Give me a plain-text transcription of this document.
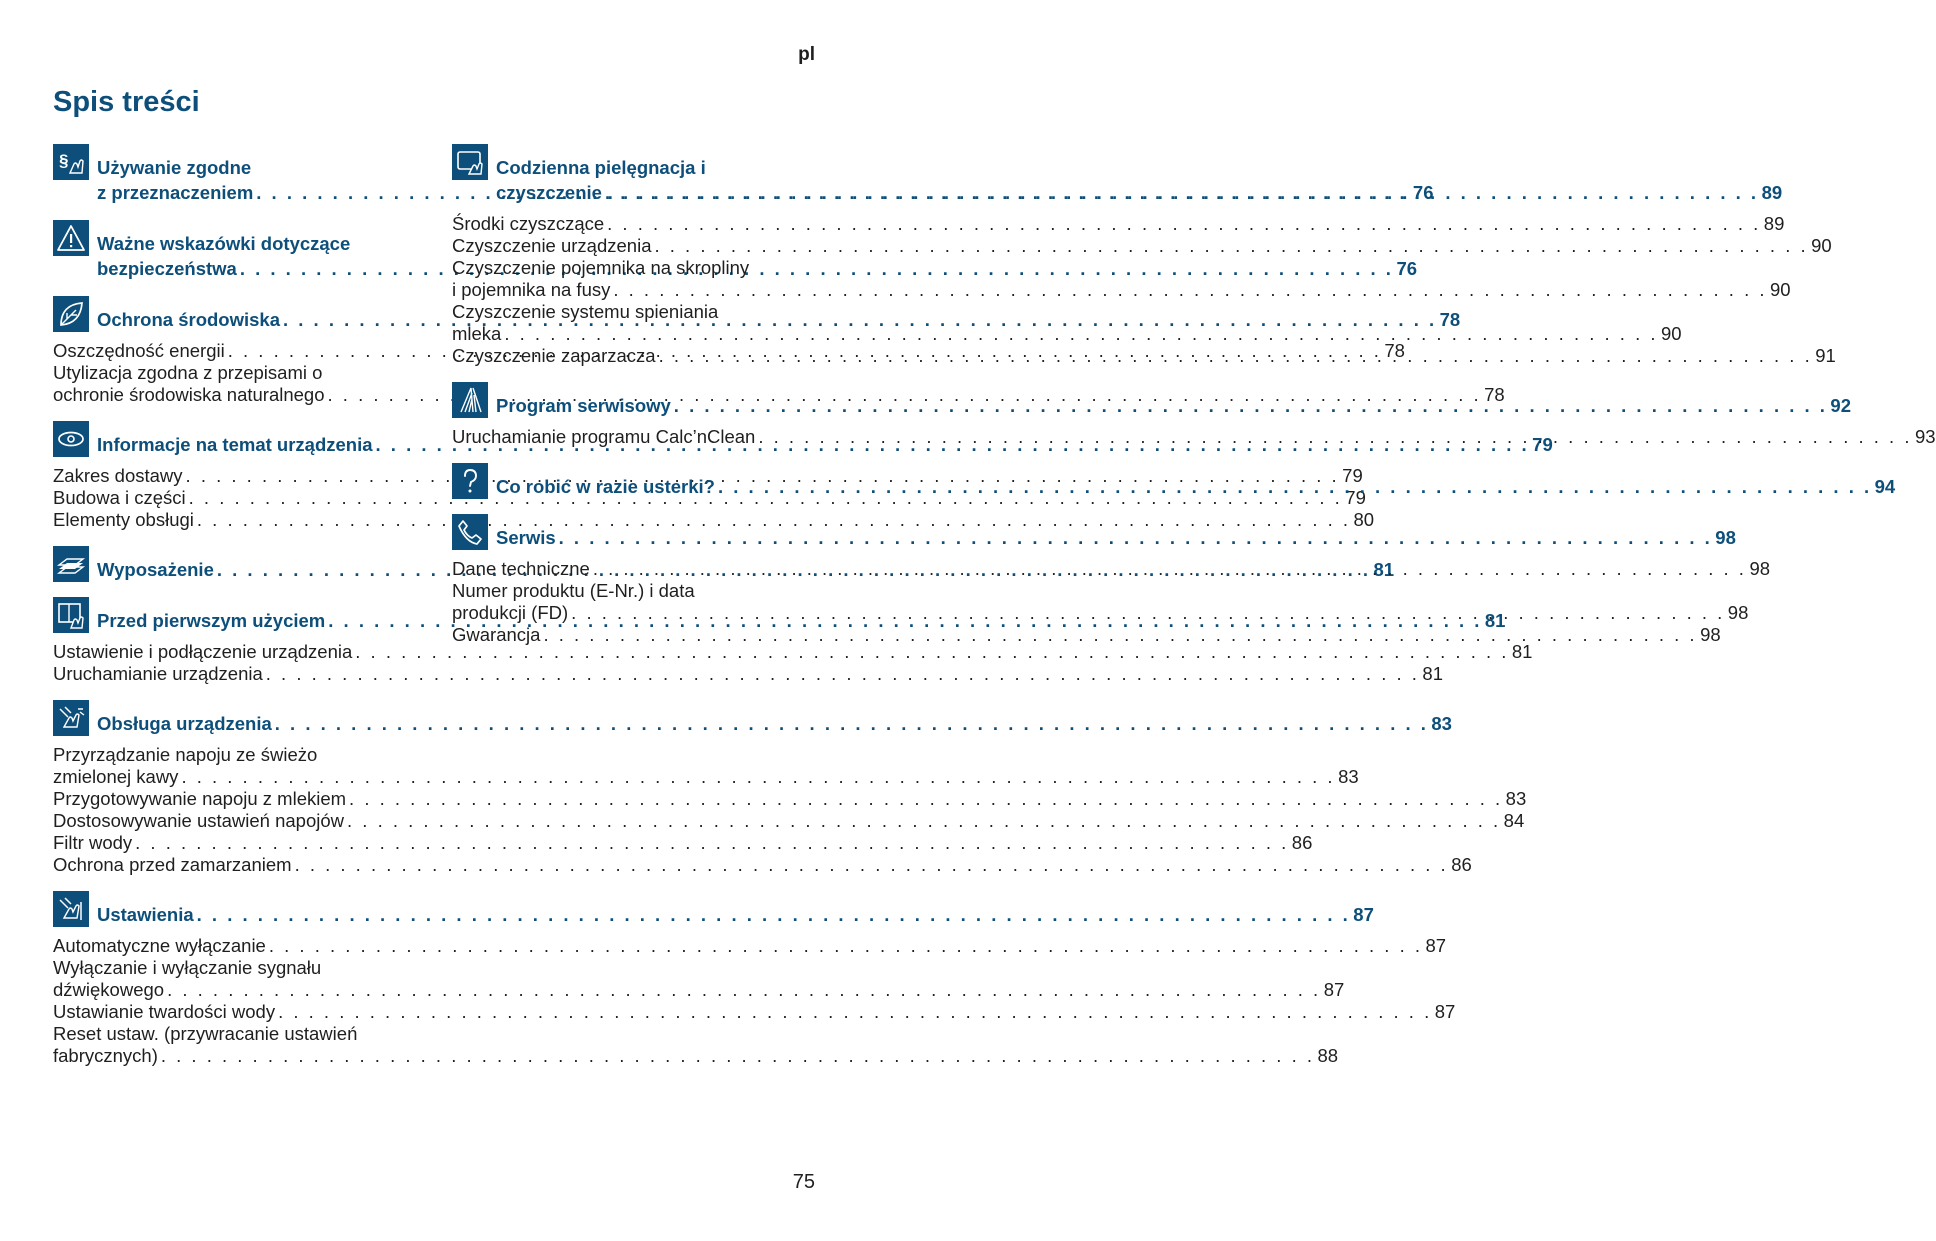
pl
Spis treści
§ Używanie zgodne
z przeznaczeniem . . .	76
Ważne wskazówki dotyczące
bezpieczeństwa . . .	76
Ochrona środowiska . . .	78
Oszczędność energii . . .	78
Utylizacja zgodna z przepisami o
ochronie środowiska naturalnego . . .	78
Informacje na temat urządzenia . . .	79
Zakres dostawy . . .	79
Budowa i części . . .	79
Elementy obsługi . . .	80
Wyposażenie . . .	81
Przed pierwszym użyciem . . .	81
Ustawienie i podłączenie urządzenia . . .	81
Uruchamianie urządzenia . . .	81
Obsługa urządzenia . . .	83
Przyrządzanie napoju ze świeżo
zmielonej kawy . . .	83
Przygotowywanie napoju z mlekiem . . .	83
Dostosowywanie ustawień napojów . . .	84
Filtr wody . . .	86
Ochrona przed zamarzaniem . . .	86
Ustawienia . . .	87
Automatyczne wyłączanie . . .	87
Wyłączanie i wyłączanie sygnału
dźwiękowego . . .	87
Ustawianie twardości wody . . .	87
Reset ustaw. (przywracanie ustawień
fabrycznych) . . .	88
Codzienna pielęgnacja i
czyszczenie . . .	89
Środki czyszczące . . .	89
Czyszczenie urządzenia . . .	90
Czyszczenie pojemnika na skropliny
i pojemnika na fusy . . .	90
Czyszczenie systemu spieniania
mleka . . .	90
Czyszczenie zaparzacza . . .	91
Program serwisowy . . .	92
Uruchamianie programu Calc’nClean . . .	93
Co robić w razie usterki? . . .	94
Serwis . . .	98
Dane techniczne . . .	98
Numer produktu (E-Nr.) i data
produkcji (FD) . . .	98
Gwarancja . . .	98
75
